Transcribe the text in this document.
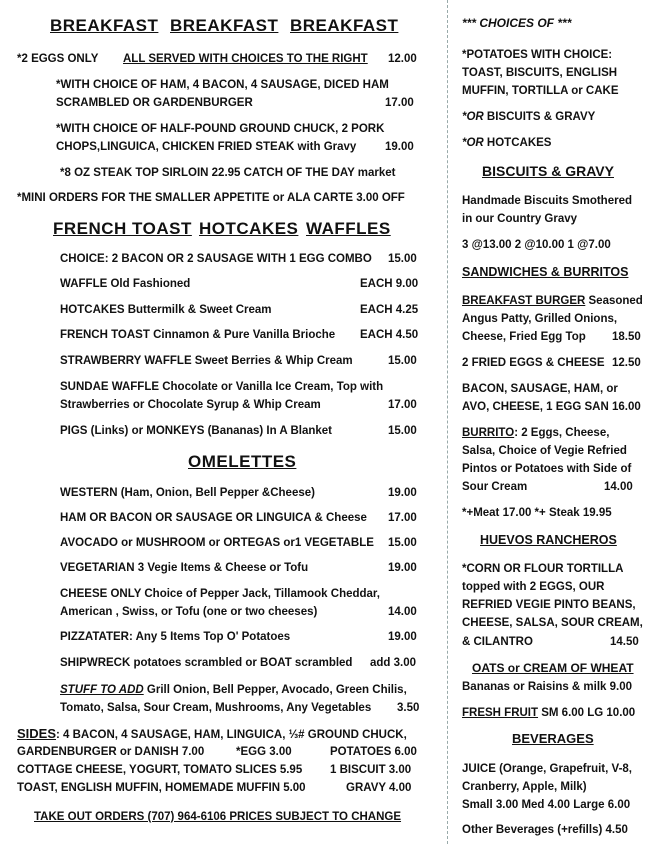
BREAKFAST BREAKFAST BREAKFAST
*2 EGGS ONLY ALL SERVED WITH CHOICES TO THE RIGHT 12.00
*WITH CHOICE OF HAM, 4 BACON, 4 SAUSAGE, DICED HAM
SCRAMBLED OR GARDENBURGER	17.00
*WITH CHOICE OF HALF-POUND GROUND CHUCK, 2 PORK
CHOPS,LINGUICA, CHICKEN FRIED STEAK with Gravy 19.00
*8 OZ STEAK TOP SIRLOIN 22.95 CATCH OF THE DAY market
*MINI ORDERS FOR THE SMALLER APPETITE or ALA CARTE 3.00 OFF
FRENCH TOAST HOTCAKES WAFFLES
CHOICE: 2 BACON OR 2 SAUSAGE WITH 1 EGG COMBO 15.00
WAFFLE Old Fashioned	EACH 9.00
HOTCAKES Buttermilk & Sweet Cream	EACH 4.25
FRENCH TOAST Cinnamon & Pure Vanilla Brioche EACH 4.50
STRAWBERRY WAFFLE Sweet Berries & Whip Cream	15.00
SUNDAE WAFFLE Chocolate or Vanilla Ice Cream, Top with
Strawberries or Chocolate Syrup & Whip Cream	17.00
PIGS (Links) or MONKEYS (Bananas) In A Blanket	15.00
OMELETTES
WESTERN (Ham, Onion, Bell Pepper &Cheese)	19.00
HAM OR BACON OR SAUSAGE OR LINGUICA & Cheese 17.00
AVOCADO or MUSHROOM or ORTEGAS or1 VEGETABLE 15.00
VEGETARIAN 3 Vegie Items & Cheese or Tofu	19.00
CHEESE ONLY Choice of Pepper Jack, Tillamook Cheddar,
American , Swiss, or Tofu (one or two cheeses)	14.00
PIZZATATER: Any 5 Items Top O' Potatoes	19.00
SHIPWRECK potatoes scrambled or BOAT scrambled add 3.00
STUFF TO ADD Grill Onion, Bell Pepper, Avocado, Green Chilis,
Tomato, Salsa, Sour Cream, Mushrooms, Any Vegetables 3.50
SIDES: 4 BACON, 4 SAUSAGE, HAM, LINGUICA, ⅓# GROUND CHUCK,
GARDENBURGER or DANISH 7.00	*EGG 3.00	POTATOES 6.00
COTTAGE CHEESE, YOGURT, TOMATO SLICES 5.95 1 BISCUIT 3.00
TOAST, ENGLISH MUFFIN, HOMEMADE MUFFIN 5.00	GRAVY 4.00
TAKE OUT ORDERS (707) 964-6106 PRICES SUBJECT TO CHANGE
*** CHOICES OF ***
*POTATOES WITH CHOICE:
TOAST, BISCUITS, ENGLISH
MUFFIN, TORTILLA or CAKE
*OR BISCUITS & GRAVY
*OR HOTCAKES
BISCUITS & GRAVY
Handmade Biscuits Smothered
in our Country Gravy
3 @13.00 2 @10.00 1 @7.00
SANDWICHES & BURRITOS
BREAKFAST BURGER Seasoned
Angus Patty, Grilled Onions,
Cheese, Fried Egg Top 18.50
2 FRIED EGGS & CHEESE 12.50
BACON, SAUSAGE, HAM, or
AVO, CHEESE, 1 EGG SAN 16.00
BURRITO: 2 Eggs, Cheese,
Salsa, Choice of Vegie Refried
Pintos or Potatoes with Side of
Sour Cream	14.00
*+Meat 17.00 *+ Steak 19.95
HUEVOS RANCHEROS
*CORN OR FLOUR TORTILLA
topped with 2 EGGS, OUR
REFRIED VEGIE PINTO BEANS,
CHEESE, SALSA, SOUR CREAM,
& CILANTRO	14.50
OATS or CREAM OF WHEAT
Bananas or Raisins & milk 9.00
FRESH FRUIT SM 6.00 LG 10.00
BEVERAGES
JUICE (Orange, Grapefruit, V-8,
Cranberry, Apple, Milk)
Small 3.00 Med 4.00 Large 6.00
Other Beverages (+refills) 4.50
